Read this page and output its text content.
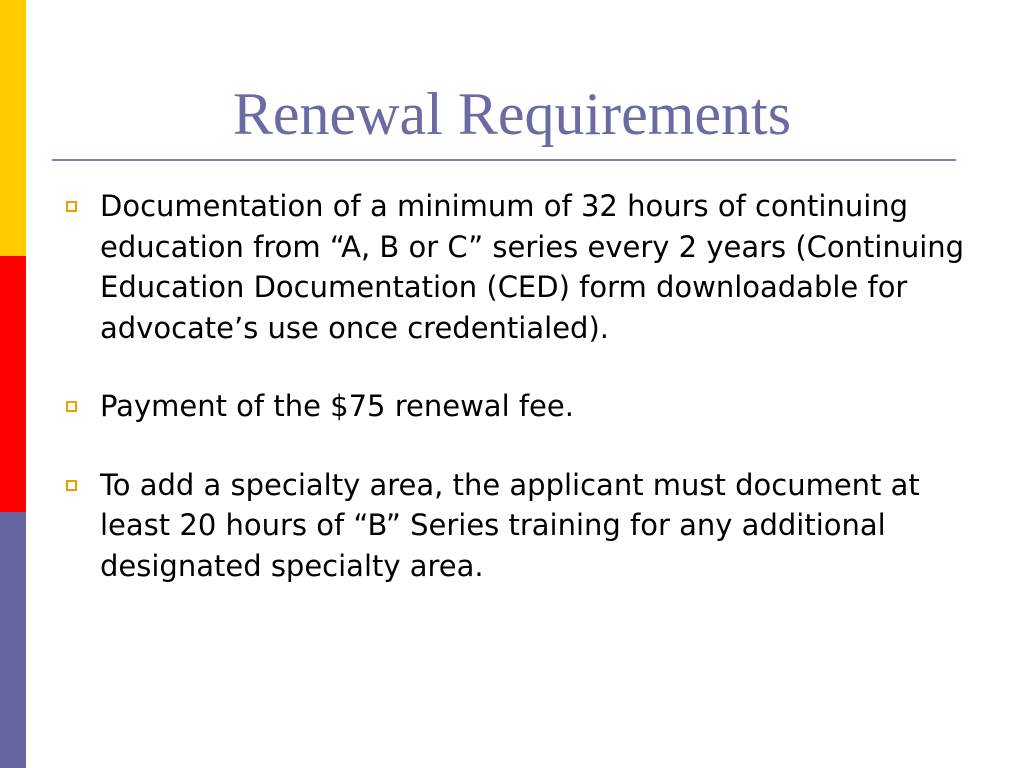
Renewal Requirements
Documentation of a minimum of 32 hours of continuing education from “A, B or C” series every 2 years (Continuing Education Documentation (CED) form downloadable for advocate’s use once credentialed).
Payment of the $75 renewal fee.
To add a specialty area, the applicant must document at least 20 hours of “B” Series training for any additional designated specialty area.
